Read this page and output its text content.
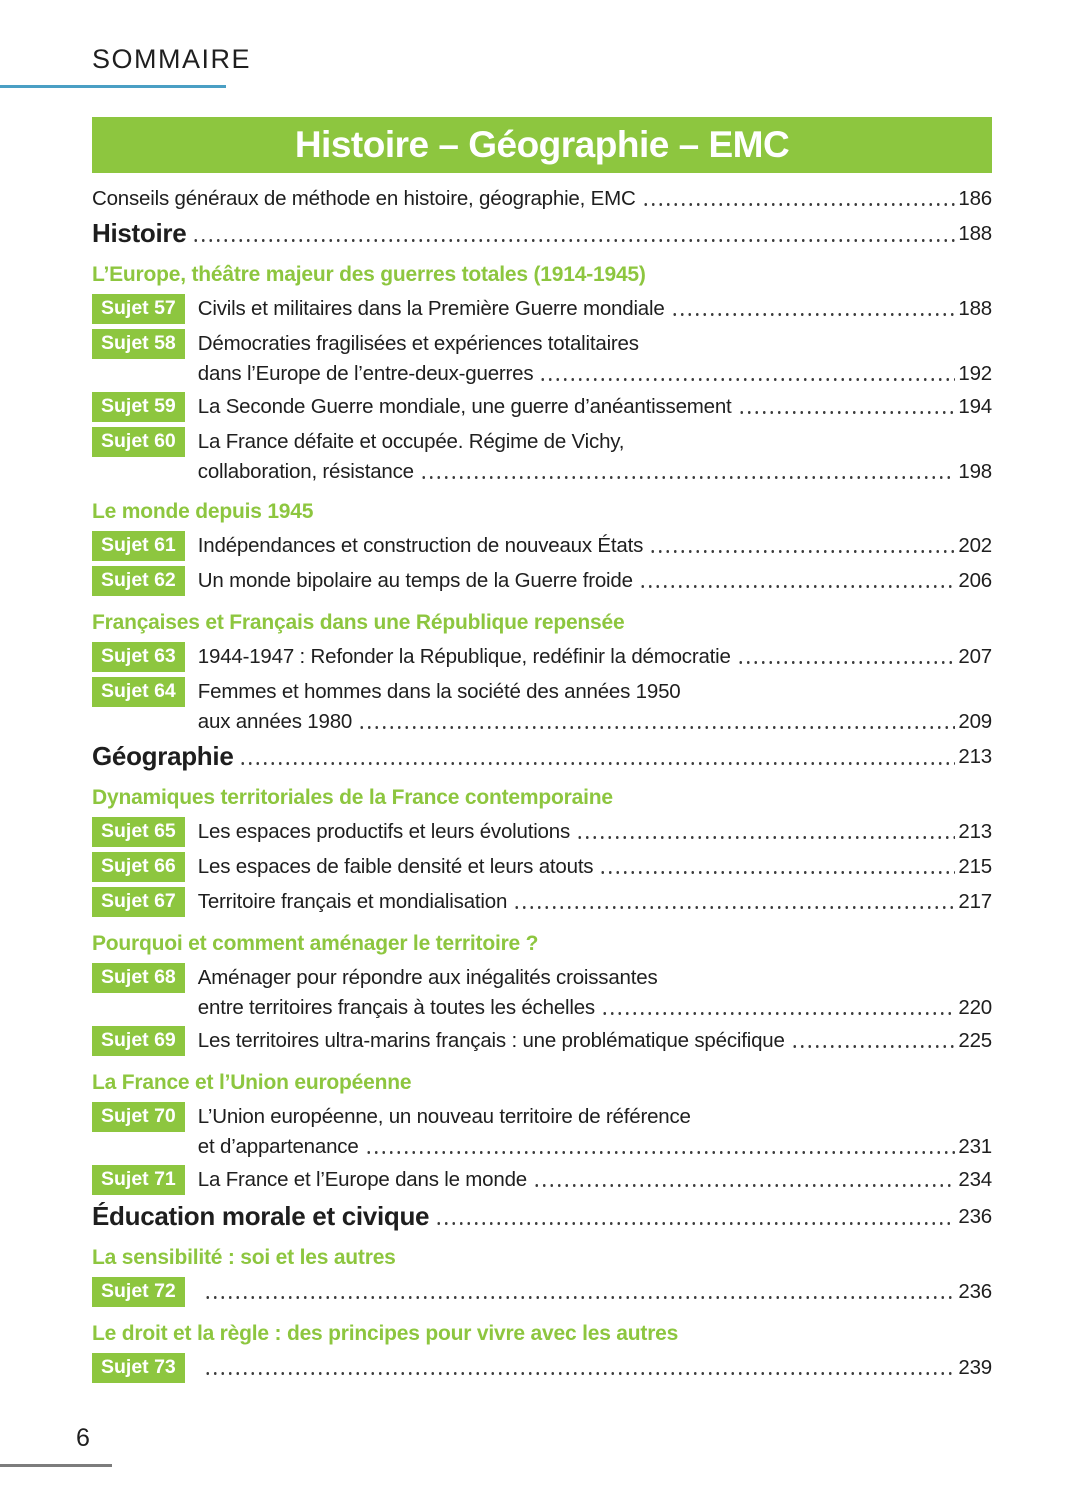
SOMMAIRE
Histoire – Géographie – EMC
Conseils généraux de méthode en histoire, géographie, EMC	186
Histoire	188
L’Europe, théâtre majeur des guerres totales (1914-1945)
Sujet 57	Civils et militaires dans la Première Guerre mondiale	188
Sujet 58	Démocraties fragilisées et expériences totalitaires
dans l’Europe de l’entre-deux-guerres	192
Sujet 59	La Seconde Guerre mondiale, une guerre d’anéantissement	194
Sujet 60	La France défaite et occupée. Régime de Vichy,
collaboration, résistance	198
Le monde depuis 1945
Sujet 61	Indépendances et construction de nouveaux États	202
Sujet 62	Un monde bipolaire au temps de la Guerre froide	206
Françaises et Français dans une République repensée
Sujet 63	1944-1947 : Refonder la République, redéfinir la démocratie	207
Sujet 64	Femmes et hommes dans la société des années 1950
aux années 1980	209
Géographie	213
Dynamiques territoriales de la France contemporaine
Sujet 65	Les espaces productifs et leurs évolutions	213
Sujet 66	Les espaces de faible densité et leurs atouts	215
Sujet 67	Territoire français et mondialisation	217
Pourquoi et comment aménager le territoire ?
Sujet 68	Aménager pour répondre aux inégalités croissantes
entre territoires français à toutes les échelles	220
Sujet 69	Les territoires ultra-marins français : une problématique spécifique	225
La France et l’Union européenne
Sujet 70	L’Union européenne, un nouveau territoire de référence
et d’appartenance	231
Sujet 71	La France et l’Europe dans le monde	234
Éducation morale et civique	236
La sensibilité : soi et les autres
Sujet 72	236
Le droit et la règle : des principes pour vivre avec les autres
Sujet 73	239
6
